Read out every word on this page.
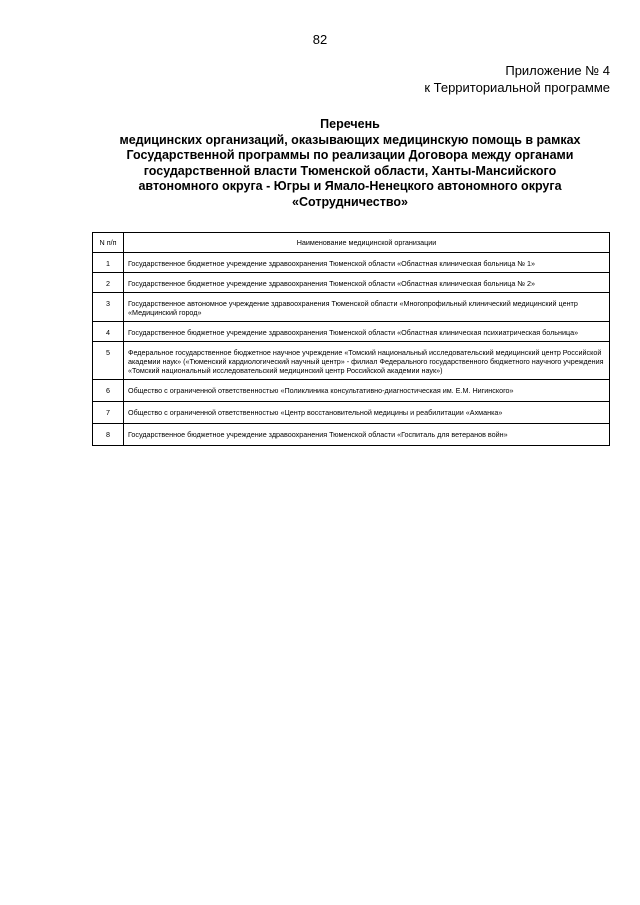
82
Приложение № 4
к Территориальной программе
Перечень
медицинских организаций, оказывающих медицинскую помощь в рамках
Государственной программы по реализации Договора между органами
государственной власти Тюменской области, Ханты-Мансийского
автономного округа - Югры и Ямало-Ненецкого автономного округа
«Сотрудничество»
N п/п	Наименование медицинской организации
1	Государственное бюджетное учреждение здравоохранения Тюменской области «Областная клиническая больница № 1»
2	Государственное бюджетное учреждение здравоохранения Тюменской области «Областная клиническая больница № 2»
3	Государственное автономное учреждение здравоохранения Тюменской области «Многопрофильный клинический медицинский центр «Медицинский город»
4	Государственное бюджетное учреждение здравоохранения Тюменской области «Областная клиническая психиатрическая больница»
5	Федеральное государственное бюджетное научное учреждение «Томский национальный исследовательский медицинский центр Российской академии наук» («Тюменский кардиологический научный центр» - филиал Федерального государственного бюджетного научного учреждения «Томский национальный исследовательский медицинский центр Российской академии наук»)
6	Общество с ограниченной ответственностью «Поликлиника консультативно-диагностическая им. Е.М. Нигинского»
7	Общество с ограниченной ответственностью «Центр восстановительной медицины и реабилитации «Ахманка»
8	Государственное бюджетное учреждение здравоохранения Тюменской области «Госпиталь для ветеранов войн»
